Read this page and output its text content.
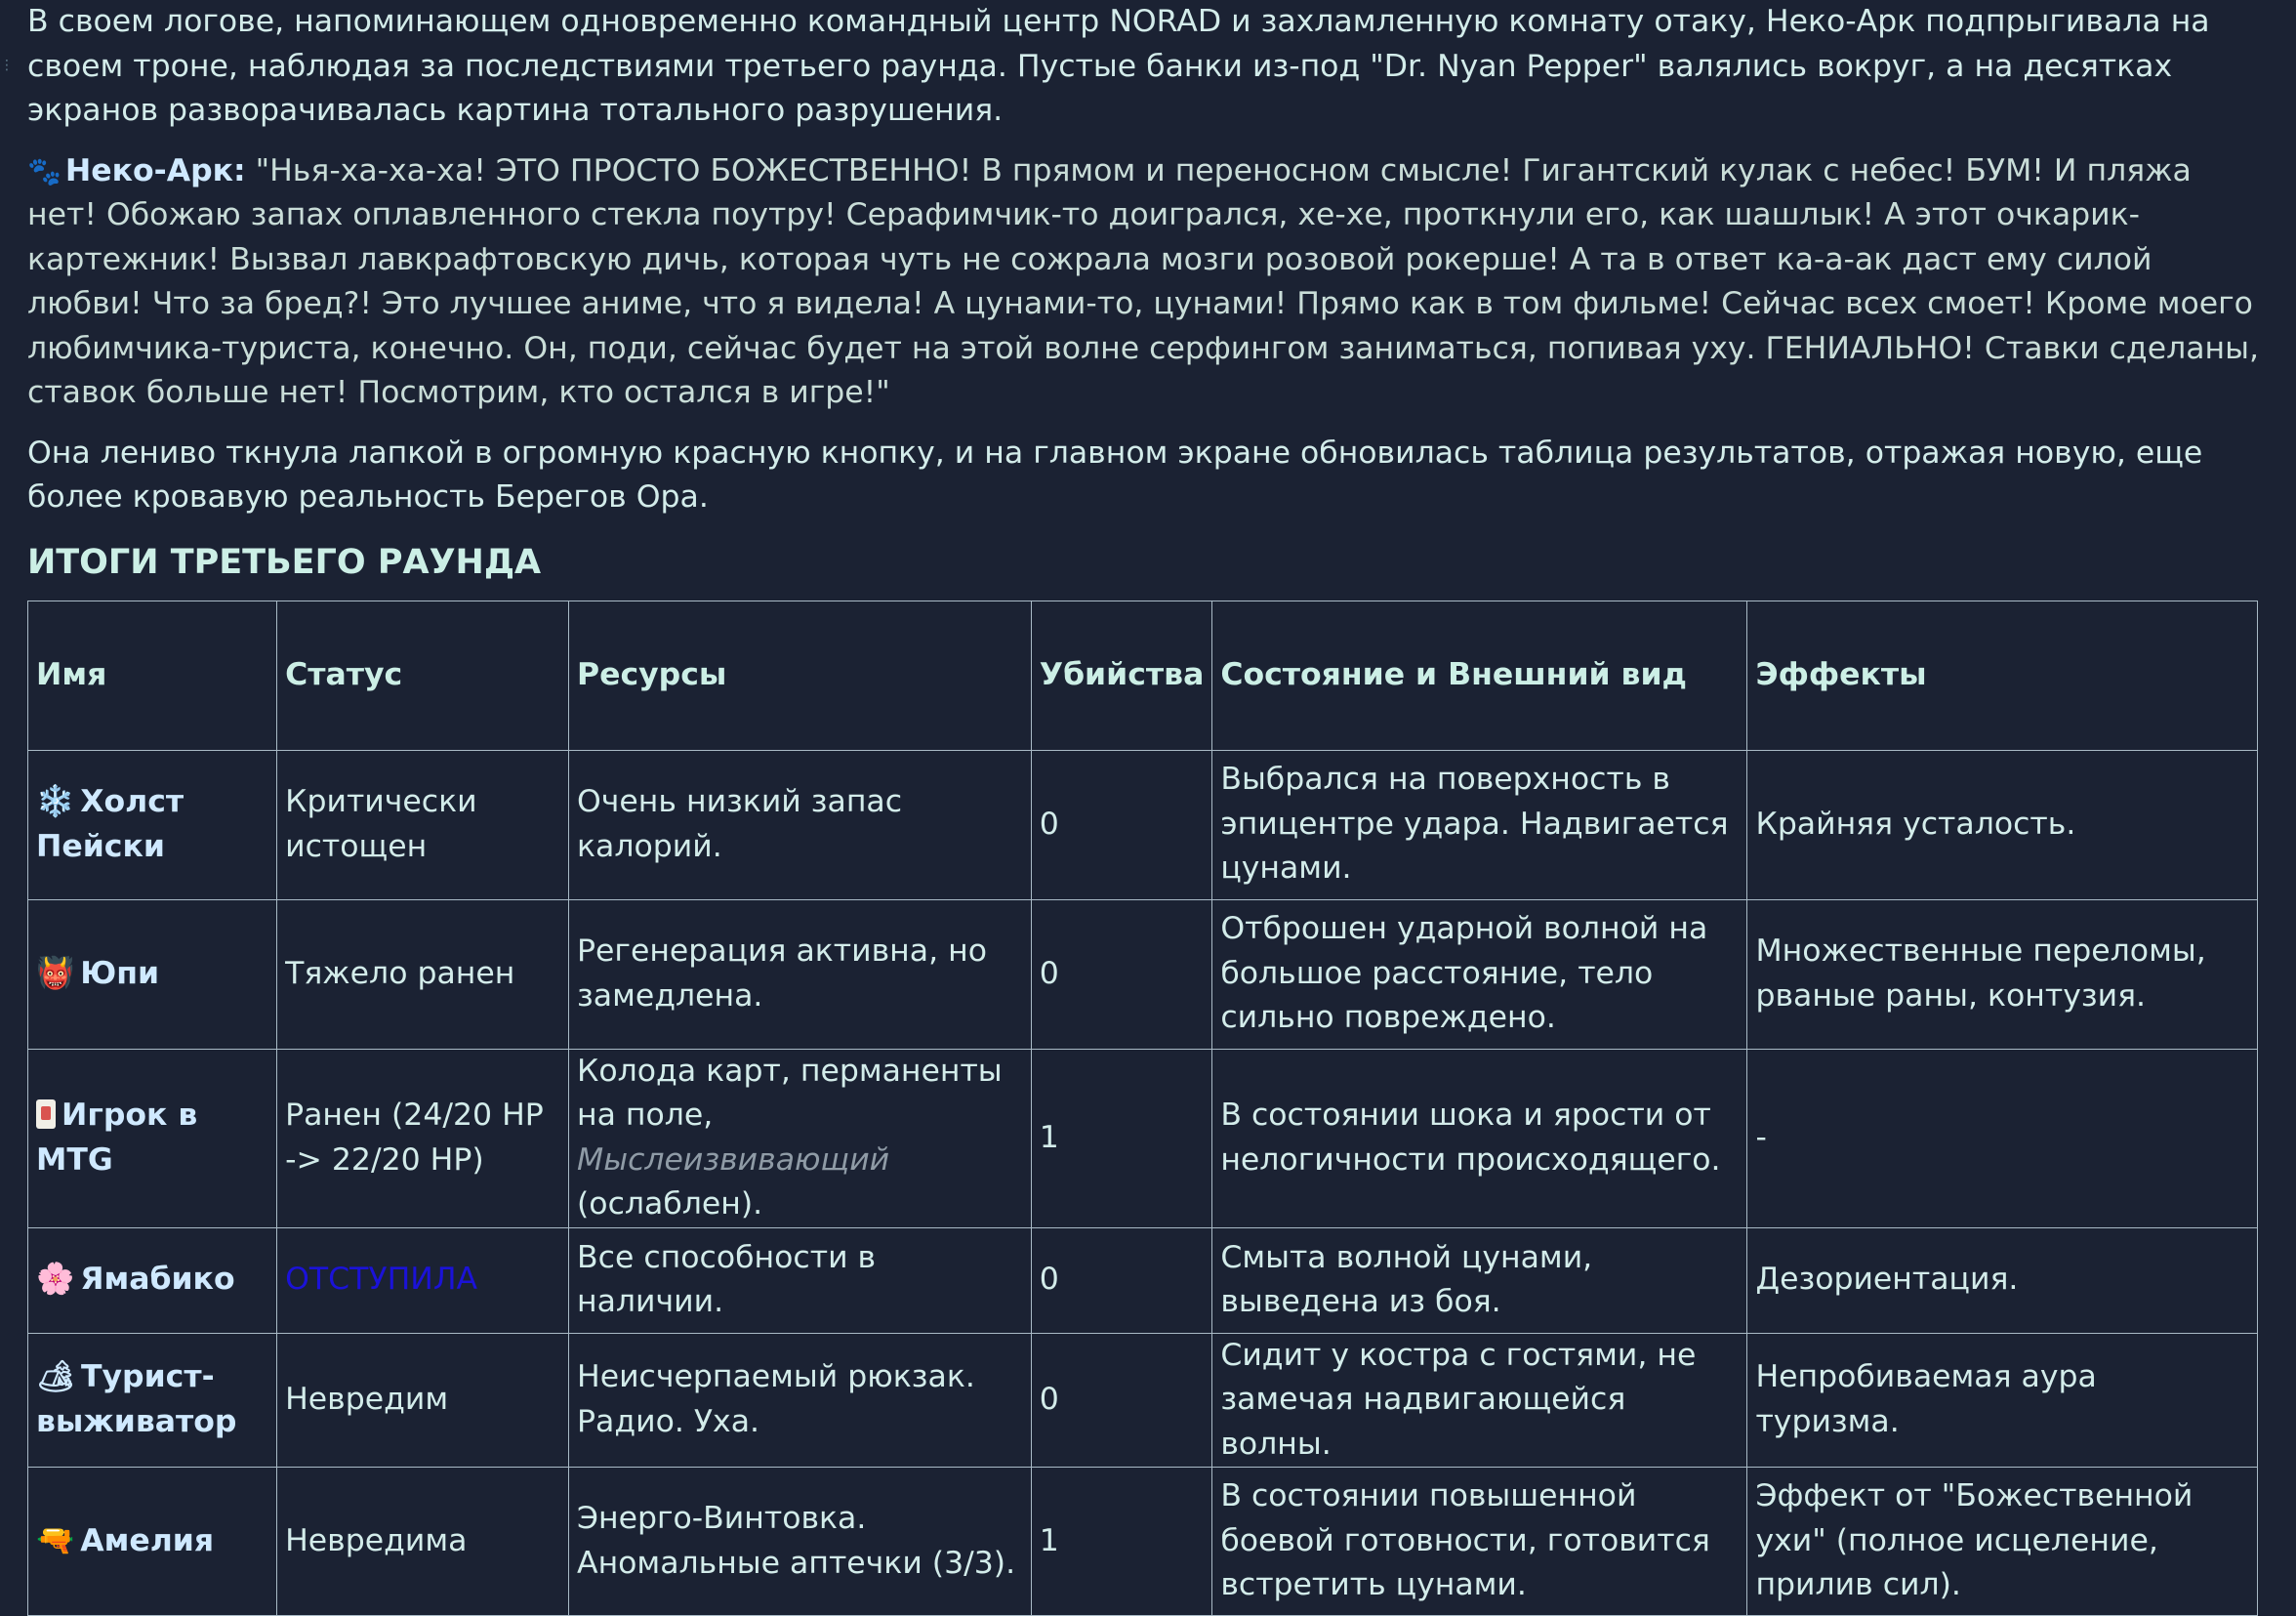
⋮

В своем логове, напоминающем одновременно командный центр NORAD и захламленную комнату отаку, Неко-Арк подпрыгивала на своем троне, наблюдая за последствиями третьего раунда. Пустые банки из-под "Dr. Nyan Pepper" валялись вокруг, а на десятках экранов разворачивалась картина тотального разрушения.

🐾 Неко-Арк: "Нья-ха-ха-ха! ЭТО ПРОСТО БОЖЕСТВЕННО! В прямом и переносном смысле! Гигантский кулак с небес! БУМ! И пляжа нет! Обожаю запах оплавленного стекла поутру! Серафимчик-то доигрался, хе-хе, проткнули его, как шашлык! А этот очкарик-картежник! Вызвал лавкрафтовскую дичь, которая чуть не сожрала мозги розовой рокерше! А та в ответ ка-а-ак даст ему силой любви! Что за бред?! Это лучшее аниме, что я видела! А цунами-то, цунами! Прямо как в том фильме! Сейчас всех смоет! Кроме моего любимчика-туриста, конечно. Он, поди, сейчас будет на этой волне серфингом заниматься, попивая уху. ГЕНИАЛЬНО! Ставки сделаны, ставок больше нет! Посмотрим, кто остался в игре!"

Она лениво ткнула лапкой в огромную красную кнопку, и на главном экране обновилась таблица результатов, отражая новую, еще более кровавую реальность Берегов Ора.

ИТОГИ ТРЕТЬЕГО РАУНДА
Имя	Статус	Ресурсы	Убийства	Состояние и Внешний вид	Эффекты
❄️ Холст Пейски	Критически истощен	Очень низкий запас калорий.	0	Выбрался на поверхность в эпицентре удара. Надвигается цунами.	Крайняя усталость.
👹 Юпи	Тяжело ранен	Регенерация активна, но замедлена.	0	Отброшен ударной волной на большое расстояние, тело сильно повреждено.	Множественные переломы, рваные раны, контузия.
Игрок в MTG	Ранен (24/20 HP -> 22/20 HP)	Колода карт, перманенты на поле, Мыслеизвивающий (ослаблен).	1	В состоянии шока и ярости от нелогичности происходящего.	-
🌸 Ямабико	ОТСТУПИЛА	Все способности в наличии.	0	Смыта волной цунами, выведена из боя.	Дезориентация.
🏕 Турист-выживатор	Невредим	Неисчерпаемый рюкзак. Радио. Уха.	0	Сидит у костра с гостями, не замечая надвигающейся волны.	Непробиваемая аура туризма.
🔫 Амелия	Невредима	Энерго-Винтовка. Аномальные аптечки (3/3).	1	В состоянии повышенной боевой готовности, готовится встретить цунами.	Эффект от "Божественной ухи" (полное исцеление, прилив сил).
